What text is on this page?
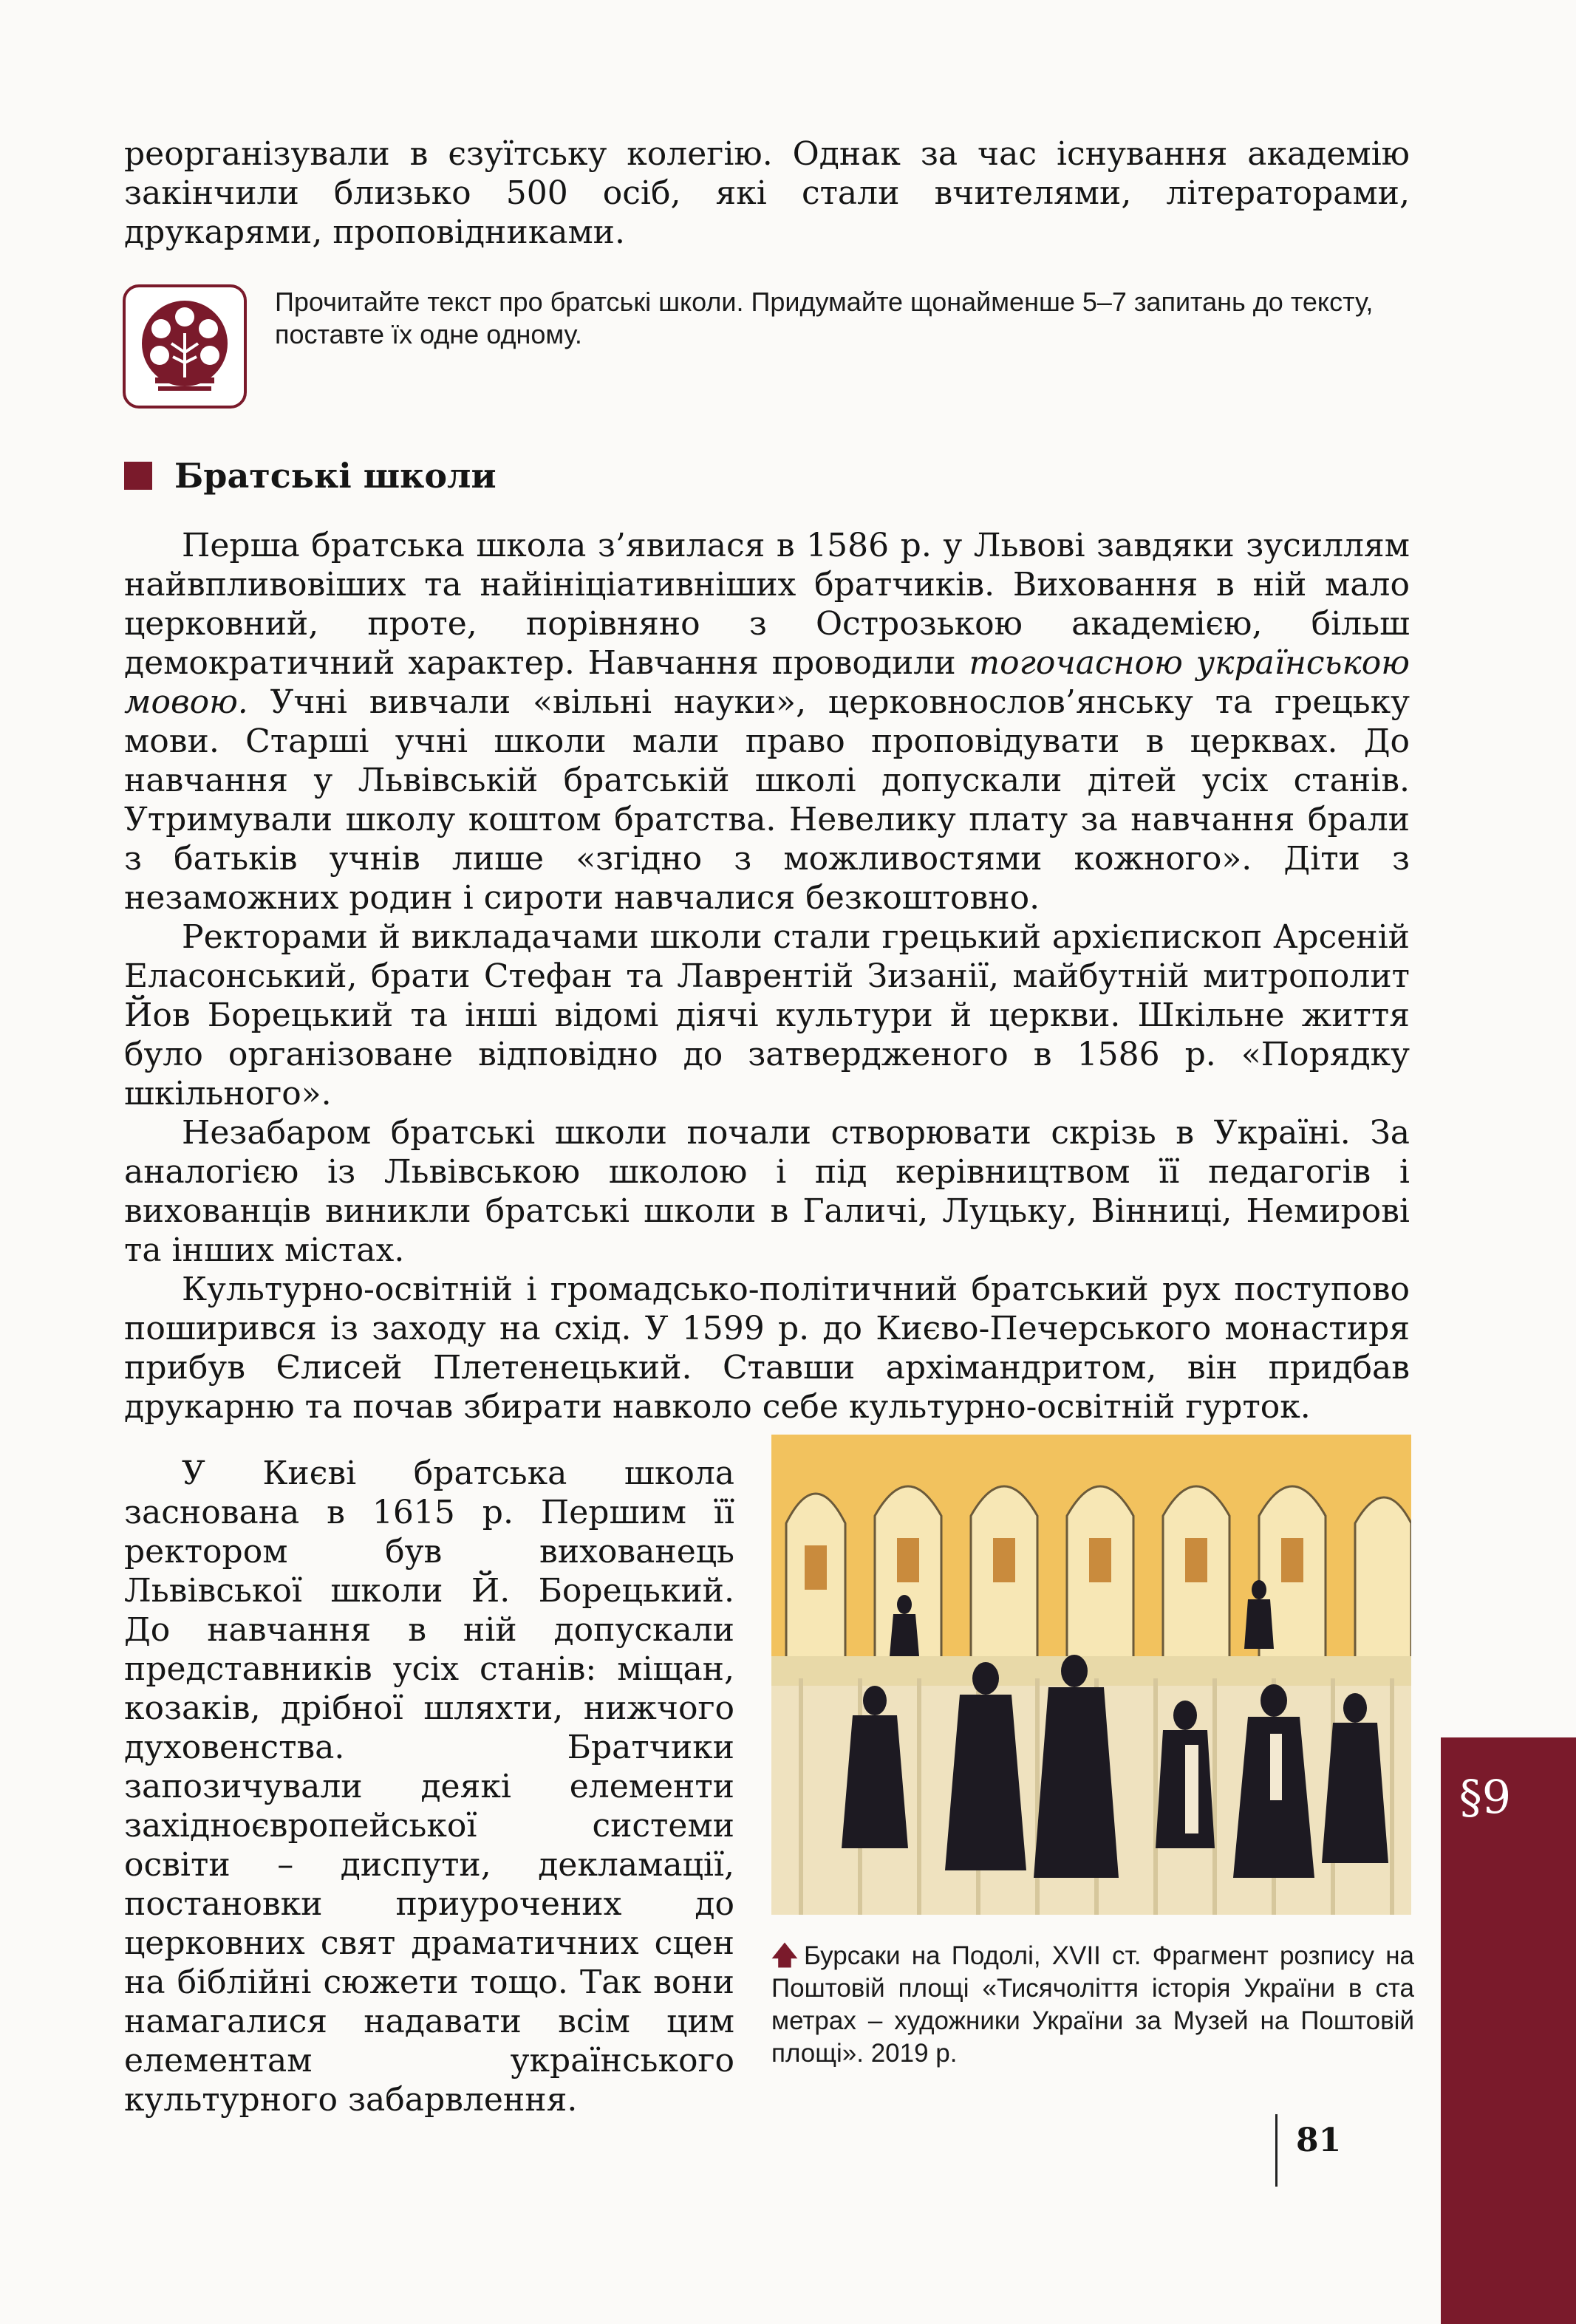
реорганізували в єзуїтську колегію. Однак за час існування академію закінчили близько 500 осіб, які стали вчителями, літераторами, друкарями, проповідниками.

Прочитайте текст про братські школи. Придумайте щонайменше 5–7 запитань до тексту, поставте їх одне одному.
Братські школи

Перша братська школа з’явилася в 1586 р. у Львові завдяки зусиллям найвпливовіших та найініціативніших братчиків. Виховання в ній мало церковний, проте, порівняно з Острозькою академією, більш демократичний характер. Навчання проводили тогочасною українською мовою. Учні вивчали «вільні науки», церковнослов’янську та грецьку мови. Старші учні школи мали право проповідувати в церквах. До навчання у Львівській братській школі допускали дітей усіх станів. Утримували школу коштом братства. Невелику плату за навчання брали з батьків учнів лише «згідно з можливостями кожного». Діти з незаможних родин і сироти навчалися безкоштовно.

Ректорами й викладачами школи стали грецький архієпископ Арсеній Еласонський, брати Стефан та Лаврентій Зизанії, майбутній митрополит Йов Борецький та інші відомі діячі культури й церкви. Шкільне життя було організоване відповідно до затвердженого в 1586 р. «Порядку шкільного».

Незабаром братські школи почали створювати скрізь в Україні. За аналогією із Львівською школою і під керівництвом її педагогів і вихованців виникли братські школи в Галичі, Луцьку, Вінниці, Немирові та інших містах.

Культурно-освітній і громадсько-політичний братський рух поступово поширився із заходу на схід. У 1599 р. до Києво-Печерського монастиря прибув Єлисей Плетенецький. Ставши архімандритом, він придбав друкарню та почав збирати навколо себе культурно-освітній гурток.

У Києві братська школа заснована в 1615 р. Першим її ректором був вихованець Львівської школи Й. Борецький. До навчання в ній допускали представників усіх станів: міщан, козаків, дрібної шляхти, нижчого духовенства. Братчики запозичували деякі елементи західноєвропейської системи освіти – диспути, декламації, постановки приурочених до церковних свят драматичних сцен на біблійні сюжети тощо. Так вони намагалися надавати всім цим елементам українського культурного забарвлення.
🡅 Бурсаки на Подолі, XVII ст. Фрагмент розпису на Поштовій площі «Тисячоліття історія України в ста метрах – художники України за Музей на Поштовій площі». 2019 р.
81
§9
